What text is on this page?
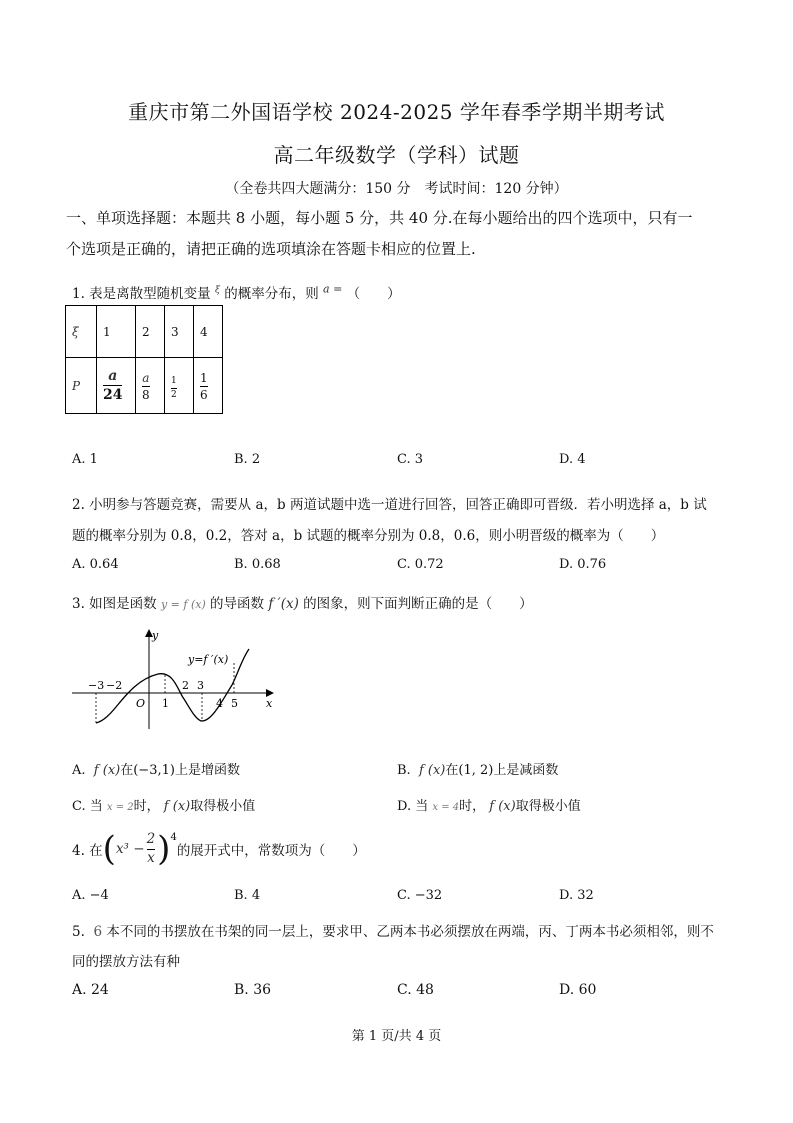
重庆市第二外国语学校 2024-2025 学年春季学期半期考试
高二年级数学（学科）试题
（全卷共四大题满分：150 分　考试时间：120 分钟）
一、单项选择题：本题共 8 小题，每小题 5 分，共 40 分.在每小题给出的四个选项中，只有一
个选项是正确的，请把正确的选项填涂在答题卡相应的位置上.
1. 表是离散型随机变量 $^\xi$ 的概率分布，则 $^{a =}$ （　　）
ξ	1	2	3	4
P	$\frac{a}{24}$	$\frac{a}{8}$	$\frac{1}{2}$	$\frac{1}{6}$
A. 1	B. 2	C. 3	D. 4
2. 小明参与答题竞赛，需要从 a，b 两道试题中选一道进行回答，回答正确即可晋级．若小明选择 a，b 试
题的概率分别为 0.8，0.2，答对 a，b 试题的概率分别为 0.8，0.6，则小明晋级的概率为（　　）
A. 0.64	B. 0.68	C. 0.72	D. 0.76
3. 如图是函数 y = f (x) 的导函数 f ′(x) 的图象，则下面判断正确的是（　　）
y
x
y=f ′(x)
O
−3 −2
1
2 3
4 5
A. f (x)在(−3,1)上是增函数	B. f (x)在(1, 2)上是减函数
C. 当 x = 2时， f (x)取得极小值	D. 当 x = 4时， f (x)取得极小值
4. 在 ( $x^3 - \frac{2}{x} )^4$
的展开式中，常数项为（　　）
A. −4	B. 4	C. −32	D. 32
5. 6 本不同的书摆放在书架的同一层上，要求甲、乙两本书必须摆放在两端，丙、丁两本书必须相邻，则不
同的摆放方法有种
A. 24	B. 36	C. 48	D. 60
第 1 页/共 4 页
